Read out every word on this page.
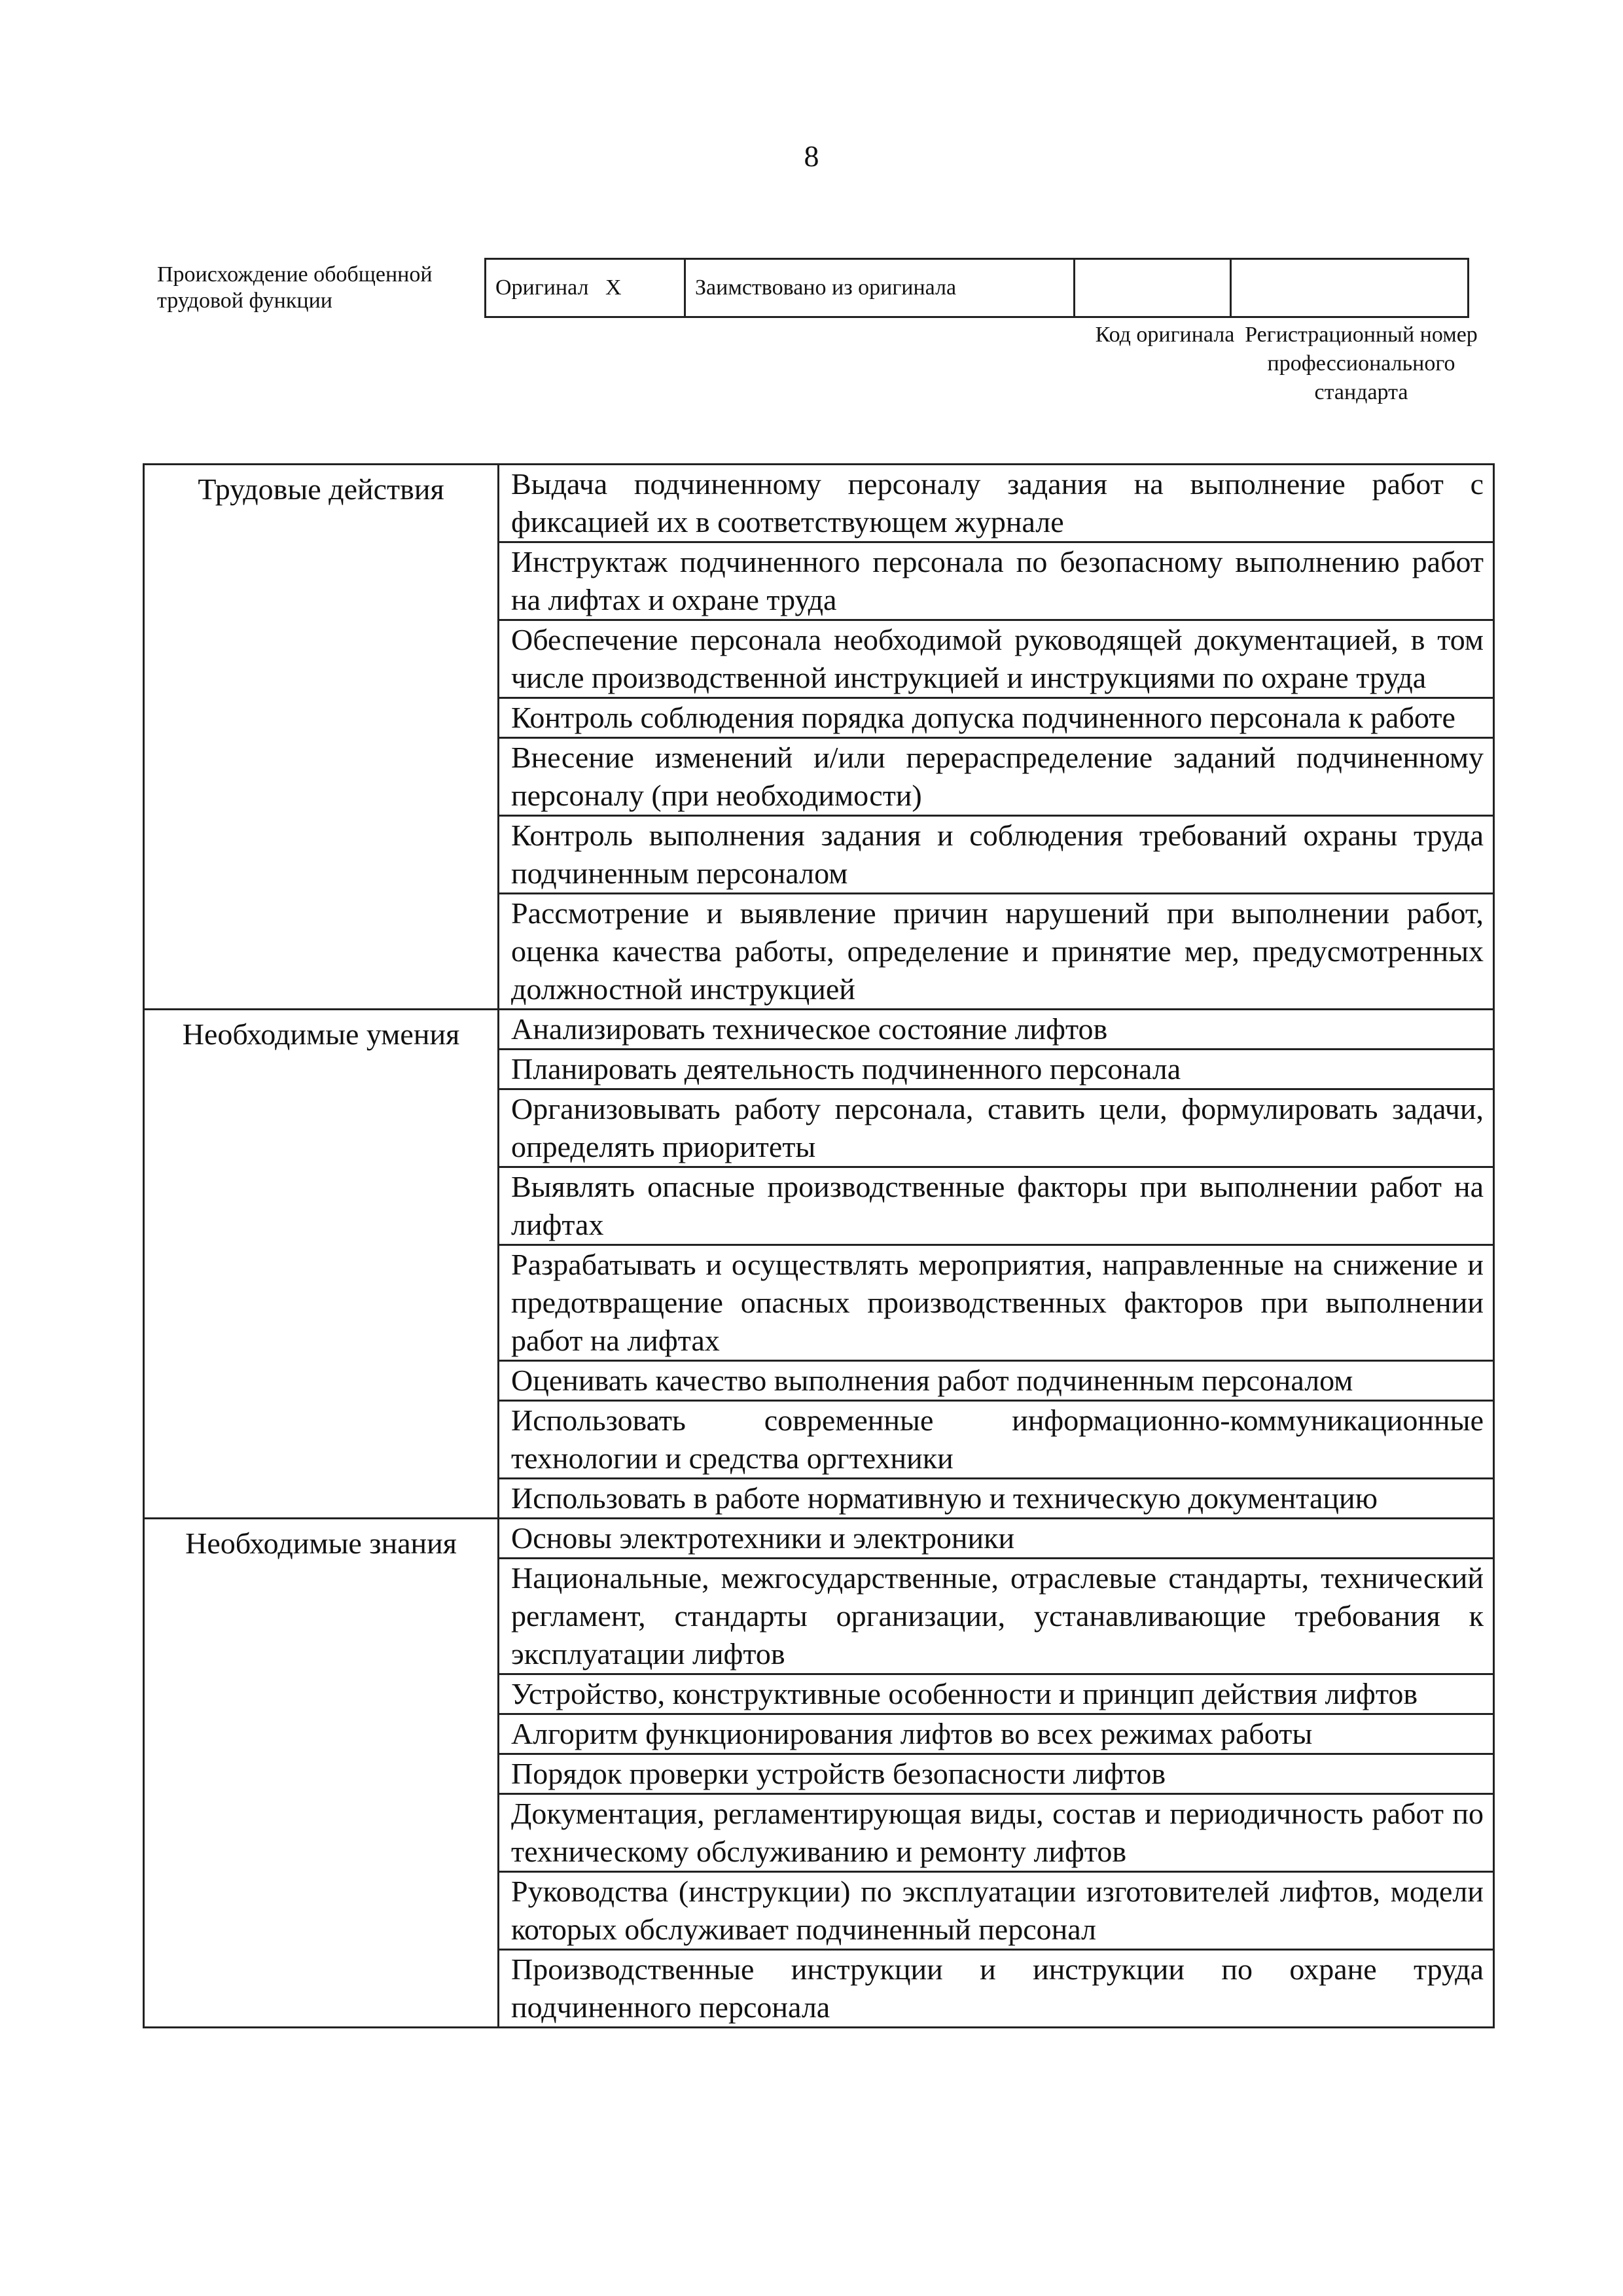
8
Происхождение обобщенной трудовой функции
Оригинал X	Заимствовано из оригинала		
Код оригинала Регистрационный номер профессионального стандарта
Трудовые действия	Выдача подчиненному персоналу задания на выполнение работ с фиксацией их в соответствующем журнале
	Инструктаж подчиненного персонала по безопасному выполнению работ на лифтах и охране труда
	Обеспечение персонала необходимой руководящей документацией, в том числе производственной инструкцией и инструкциями по охране труда
	Контроль соблюдения порядка допуска подчиненного персонала к работе
	Внесение изменений и/или перераспределение заданий подчиненному персоналу (при необходимости)
	Контроль выполнения задания и соблюдения требований охраны труда подчиненным персоналом
	Рассмотрение и выявление причин нарушений при выполнении работ, оценка качества работы, определение и принятие мер, предусмотренных должностной инструкцией
Необходимые умения	Анализировать техническое состояние лифтов
	Планировать деятельность подчиненного персонала
	Организовывать работу персонала, ставить цели, формулировать задачи, определять приоритеты
	Выявлять опасные производственные факторы при выполнении работ на лифтах
	Разрабатывать и осуществлять мероприятия, направленные на снижение и предотвращение опасных производственных факторов при выполнении работ на лифтах
	Оценивать качество выполнения работ подчиненным персоналом
	Использовать современные информационно-коммуникационные технологии и средства оргтехники
	Использовать в работе нормативную и техническую документацию
Необходимые знания	Основы электротехники и электроники
	Национальные, межгосударственные, отраслевые стандарты, технический регламент, стандарты организации, устанавливающие требования к эксплуатации лифтов
	Устройство, конструктивные особенности и принцип действия лифтов
	Алгоритм функционирования лифтов во всех режимах работы
	Порядок проверки устройств безопасности лифтов
	Документация, регламентирующая виды, состав и периодичность работ по техническому обслуживанию и ремонту лифтов
	Руководства (инструкции) по эксплуатации изготовителей лифтов, модели которых обслуживает подчиненный персонал
	Производственные инструкции и инструкции по охране труда подчиненного персонала
